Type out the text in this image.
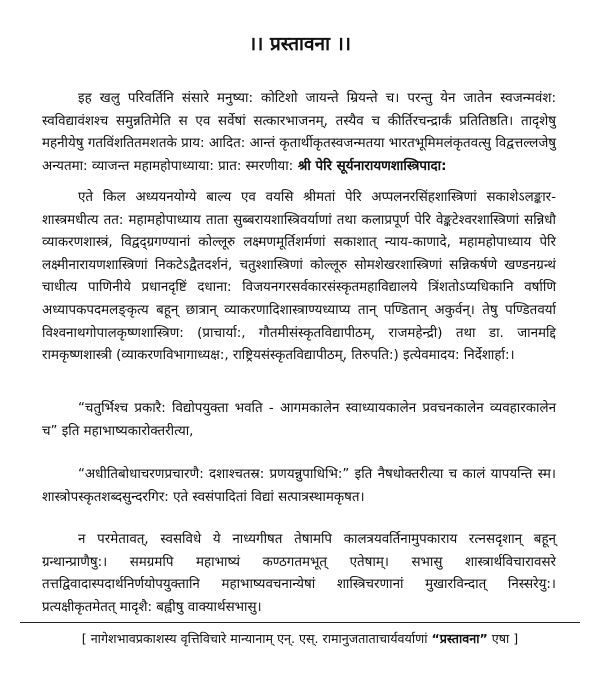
।। प्रस्तावना ।।

इह खलु परिवर्तिनि संसारे मनुष्या: कोटिशो जायन्ते म्रियन्ते च। परन्तु येन जातेन स्वजन्मवंश: स्वविद्यावंशश्च समुन्नतिमेति स एव सर्वेषां सत्कारभाजनम्, तस्यैव च कीर्तिरचन्द्रार्कं प्रतितिष्ठति। तादृशेषु महनीयेषु गतविंशतितमशतके प्राय: आदित: आन्तं कृतार्थीकृतस्वजन्मतया भारतभूमिमलंकृतवत्सु विद्वत्तल्लजेषु अन्यतमा: व्याजन्त महामहोपाध्याया: प्रात: स्मरणीया: श्री पेरि सूर्यनारायणशास्त्रिपादा:

एते किल अध्ययनयोग्ये बाल्य एव वयसि श्रीमतां पेरि अप्पलनरसिंहशास्त्रिणां सकाशेऽलङ्कार-शास्त्रमधीत्य तत: महामहोपाध्याय ताता सुब्बरायशास्त्रिवर्याणां तथा कलाप्रपूर्ण पेरि वेङ्कटेश्वरशास्त्रिणां सन्निधौ व्याकरणशास्त्रं, विद्वद्ग्रगण्यानां कोल्लूरु लक्ष्मणमूर्तिशर्मणां सकाशात् न्याय-काणादे, महामहोपाध्याय पेरि लक्ष्मीनारायणशास्त्रिणां निकटेऽद्वैतदर्शनं, चतुश्शास्त्रिणां कोल्लूरु सोमशेखरशास्त्रिणां सन्निकर्षणे खण्डनग्रन्थं चाधीत्य पाणिनीये प्रधानदृष्टिं दधाना: विजयनगरसर्वकारसंस्कृतमहाविद्यालये त्रिंशतोऽप्यधिकानि वर्षाणि अध्यापकपदमलङ्कृत्य बहून् छात्रान् व्याकरणादिशास्त्राण्यध्याप्य तान् पण्डितान् अकुर्वन्। तेषु पण्डितवर्या विश्वनाथगोपालकृष्णशास्त्रिण: (प्राचार्या:, गौतमीसंस्कृतविद्यापीठम्, राजमहेन्द्री) तथा डा. जानमद्दि रामकृष्णशास्त्री (व्याकरणविभागाध्यक्ष:, राष्ट्रियसंस्कृतविद्यापीठम्, तिरुपति:) इत्येवमादय: निर्देशार्हा:।

“चतुर्भिश्च प्रकारै: विद्योपयुक्ता भवति - आगमकालेन स्वाध्यायकालेन प्रवचनकालेन व्यवहारकालेन च” इति महाभाष्यकारोक्तरीत्या,

“अधीतिबोधाचरणप्रचारणै: दशाश्चतस्र: प्रणयन्नुपाधिभि:” इति नैषधोक्तरीत्या च कालं यापयन्ति स्म। शास्त्रोपस्कृतशब्दसुन्दरगिर: एते स्वसंपादितां विद्यां सत्पात्रस्थामकृषत।

न परमेतावत्, स्वसविधे ये नाध्यगीषत तेषामपि कालत्रयवर्तिनामुपकाराय रत्नसदृशान् बहून् ग्रन्थान्प्राणैषु:। समग्रमपि महाभाष्यं कण्ठगतमभूत् एतेषाम्। सभासु शास्त्रार्थविचारावसरे तत्तद्विवादास्पदार्थनिर्णयोपयुक्तानि महाभाष्यवचनान्येषां शास्त्रिचरणानां मुखारविन्दात् निस्सरेयु:। प्रत्यक्षीकृतमेतत् मादृशै: बह्वीषु वाक्यार्थसभासु।

[ नागेशभावप्रकाशस्य वृत्तिविचारे मान्यानाम् एन्. एस्. रामानुजताताचार्यवर्याणां “प्रस्तावना” एषा ]
